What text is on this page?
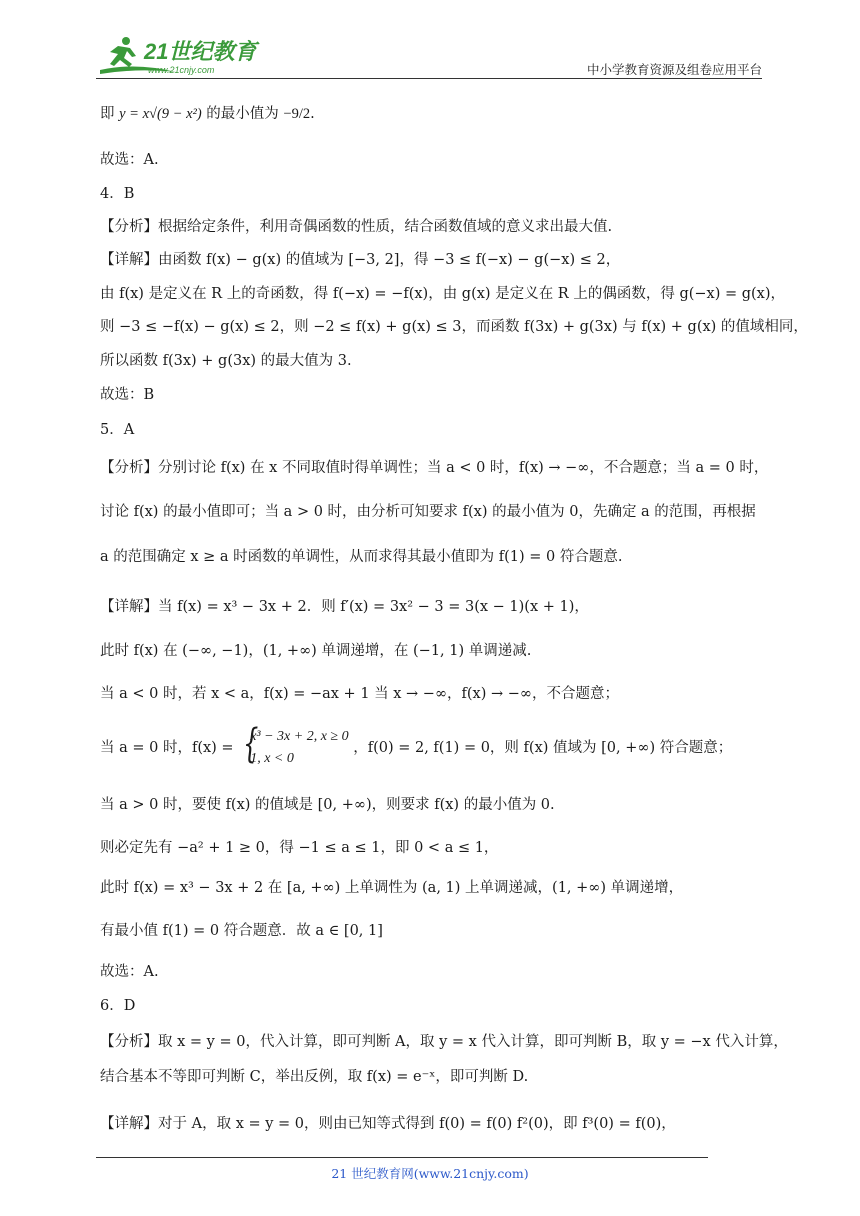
21世纪教育
www.21cnjy.com	中小学教育资源及组卷应用平台
即 y = x√(9 − x²) 的最小值为 −9/2.
故选：A.
4．B
【分析】根据给定条件，利用奇偶函数的性质，结合函数值域的意义求出最大值.
【详解】由函数 f(x) − g(x) 的值域为 [−3, 2]，得 −3 ≤ f(−x) − g(−x) ≤ 2，
由 f(x) 是定义在 R 上的奇函数，得 f(−x) = −f(x)，由 g(x) 是定义在 R 上的偶函数，得 g(−x) = g(x)，
则 −3 ≤ −f(x) − g(x) ≤ 2，则 −2 ≤ f(x) + g(x) ≤ 3，而函数 f(3x) + g(3x) 与 f(x) + g(x) 的值域相同，
所以函数 f(3x) + g(3x) 的最大值为 3.
故选：B
5．A
【分析】分别讨论 f(x) 在 x 不同取值时得单调性；当 a < 0 时，f(x) → −∞，不合题意；当 a = 0 时，
讨论 f(x) 的最小值即可；当 a > 0 时，由分析可知要求 f(x) 的最小值为 0，先确定 a 的范围，再根据
a 的范围确定 x ≥ a 时函数的单调性，从而求得其最小值即为 f(1) = 0 符合题意.
【详解】当 f(x) = x³ − 3x + 2．则 f′(x) = 3x² − 3 = 3(x − 1)(x + 1)，
此时 f(x) 在 (−∞, −1)，(1, +∞) 单调递增，在 (−1, 1) 单调递减.
当 a < 0 时，若 x < a，f(x) = −ax + 1 当 x → −∞，f(x) → −∞，不合题意；
当 a = 0 时，f(x) = {
x³ − 3x + 2, x ≥ 0
1, x < 0
，f(0) = 2, f(1) = 0，则 f(x) 值域为 [0, +∞) 符合题意；
当 a > 0 时，要使 f(x) 的值域是 [0, +∞)，则要求 f(x) 的最小值为 0.
则必定先有 −a² + 1 ≥ 0，得 −1 ≤ a ≤ 1，即 0 < a ≤ 1，
此时 f(x) = x³ − 3x + 2 在 [a, +∞) 上单调性为 (a, 1) 上单调递减，(1, +∞) 单调递增，
有最小值 f(1) = 0 符合题意．故 a ∈ [0, 1]
故选：A.
6．D
【分析】取 x = y = 0，代入计算，即可判断 A，取 y = x 代入计算，即可判断 B，取 y = −x 代入计算，
结合基本不等即可判断 C，举出反例，取 f(x) = e⁻ˣ，即可判断 D.
【详解】对于 A，取 x = y = 0，则由已知等式得到 f(0) = f(0) f²(0)，即 f³(0) = f(0)，
21 世纪教育网(www.21cnjy.com)
